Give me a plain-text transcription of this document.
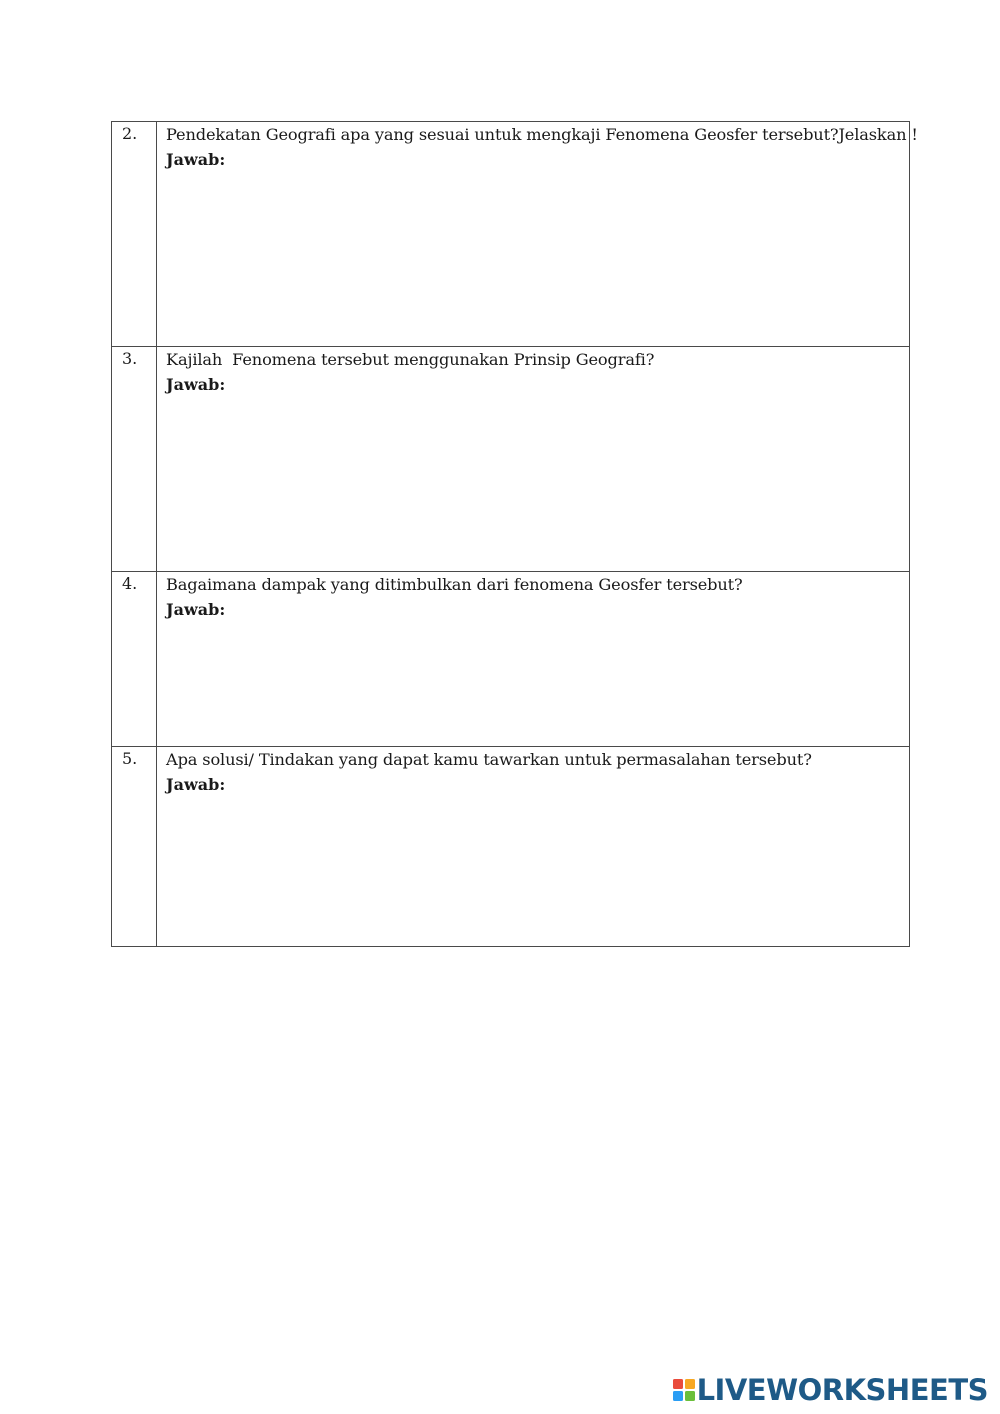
2.	Pendekatan Geografi apa yang sesuai untuk mengkaji Fenomena Geosfer tersebut?Jelaskan !
Jawab:

3.	Kajilah  Fenomena tersebut menggunakan Prinsip Geografi?
Jawab:

4.	Bagaimana dampak yang ditimbulkan dari fenomena Geosfer tersebut?
Jawab:

5.	Apa solusi/ Tindakan yang dapat kamu tawarkan untuk permasalahan tersebut?
Jawab:
LIVEWORKSHEETS
